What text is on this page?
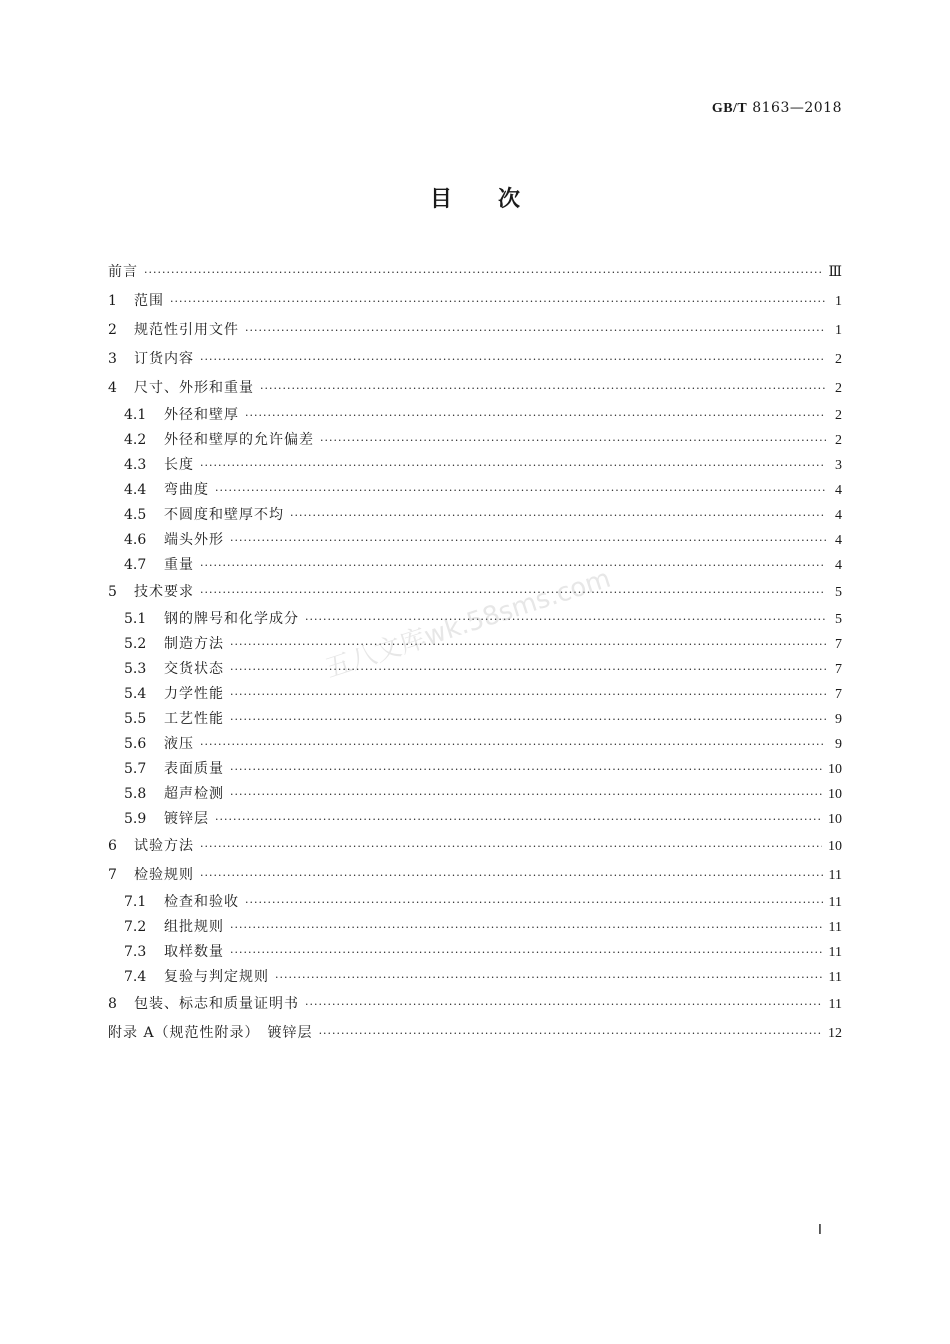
GB/T 8163—2018
目次
前言 ·····	Ⅲ
1	范围 ·····	1
2	规范性引用文件 ·····	1
3	订货内容 ·····	2
4	尺寸、外形和重量 ·····	2
4.1	外径和壁厚 ·····	2
4.2	外径和壁厚的允许偏差 ·····	2
4.3	长度 ·····	3
4.4	弯曲度 ·····	4
4.5	不圆度和壁厚不均 ·····	4
4.6	端头外形 ·····	4
4.7	重量 ·····	4
5	技术要求 ·····	5
5.1	钢的牌号和化学成分 ·····	5
5.2	制造方法 ·····	7
5.3	交货状态 ·····	7
5.4	力学性能 ·····	7
5.5	工艺性能 ·····	9
5.6	液压 ·····	9
5.7	表面质量 ·····	10
5.8	超声检测 ·····	10
5.9	镀锌层 ·····	10
6	试验方法 ·····	10
7	检验规则 ·····	11
7.1	检查和验收 ·····	11
7.2	组批规则 ·····	11
7.3	取样数量 ·····	11
7.4	复验与判定规则 ·····	11
8	包装、标志和质量证明书 ·····	11
附录 A（规范性附录）　镀锌层 ·····	12
五八文库wk.58sms.com
Ⅰ
